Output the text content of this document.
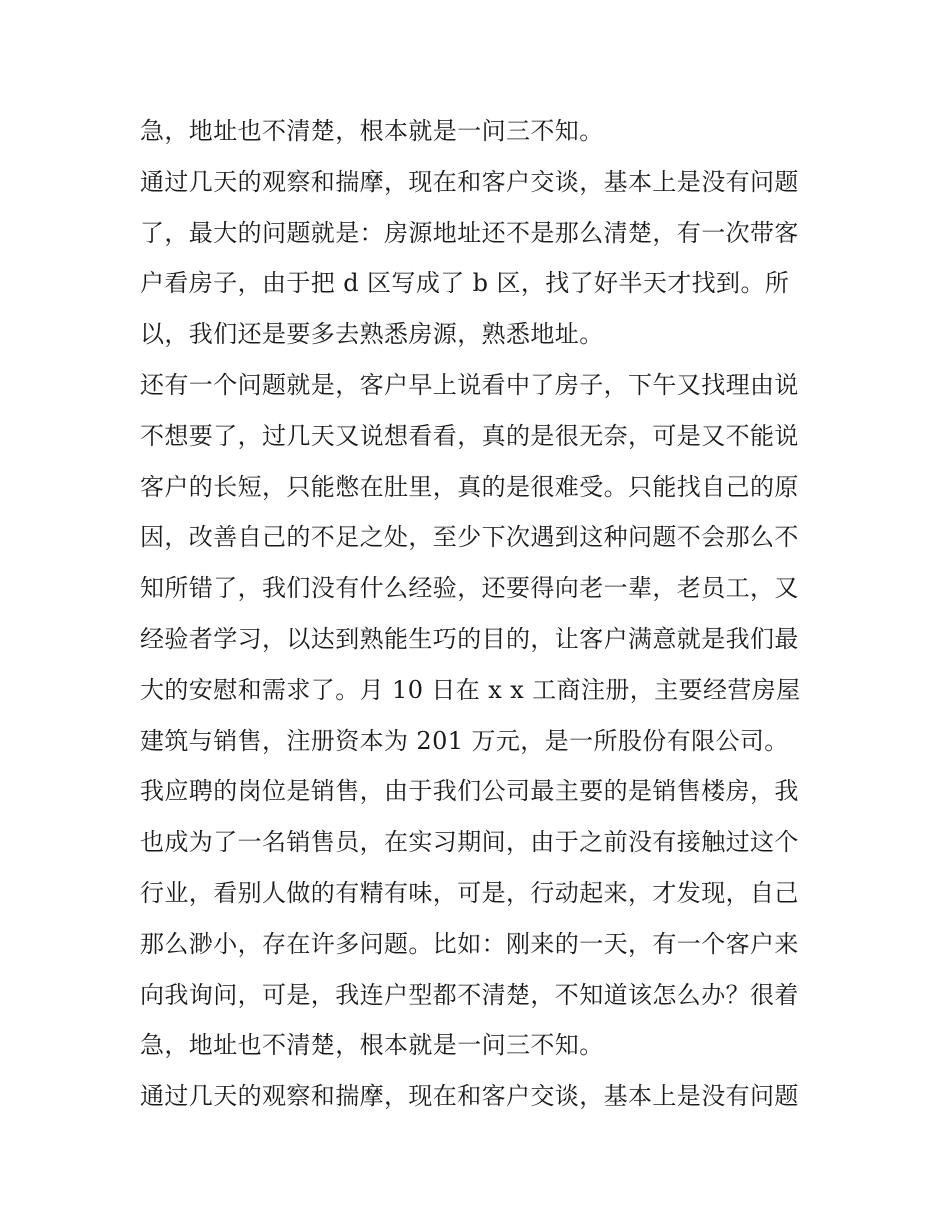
急，地址也不清楚，根本就是一问三不知。
通过几天的观察和揣摩，现在和客户交谈，基本上是没有问题
了，最大的问题就是：房源地址还不是那么清楚，有一次带客
户看房子，由于把 d 区写成了 b 区，找了好半天才找到。所
以，我们还是要多去熟悉房源，熟悉地址。
还有一个问题就是，客户早上说看中了房子，下午又找理由说
不想要了，过几天又说想看看，真的是很无奈，可是又不能说
客户的长短，只能憋在肚里，真的是很难受。只能找自己的原
因，改善自己的不足之处，至少下次遇到这种问题不会那么不
知所错了，我们没有什么经验，还要得向老一辈，老员工，又
经验者学习，以达到熟能生巧的目的，让客户满意就是我们最
大的安慰和需求了。月 10 日在 x x 工商注册，主要经营房屋
建筑与销售，注册资本为 201 万元，是一所股份有限公司。
我应聘的岗位是销售，由于我们公司最主要的是销售楼房，我
也成为了一名销售员，在实习期间，由于之前没有接触过这个
行业，看别人做的有精有味，可是，行动起来，才发现，自己
那么渺小，存在许多问题。比如：刚来的一天，有一个客户来
向我询问，可是，我连户型都不清楚，不知道该怎么办？很着
急，地址也不清楚，根本就是一问三不知。
通过几天的观察和揣摩，现在和客户交谈，基本上是没有问题
